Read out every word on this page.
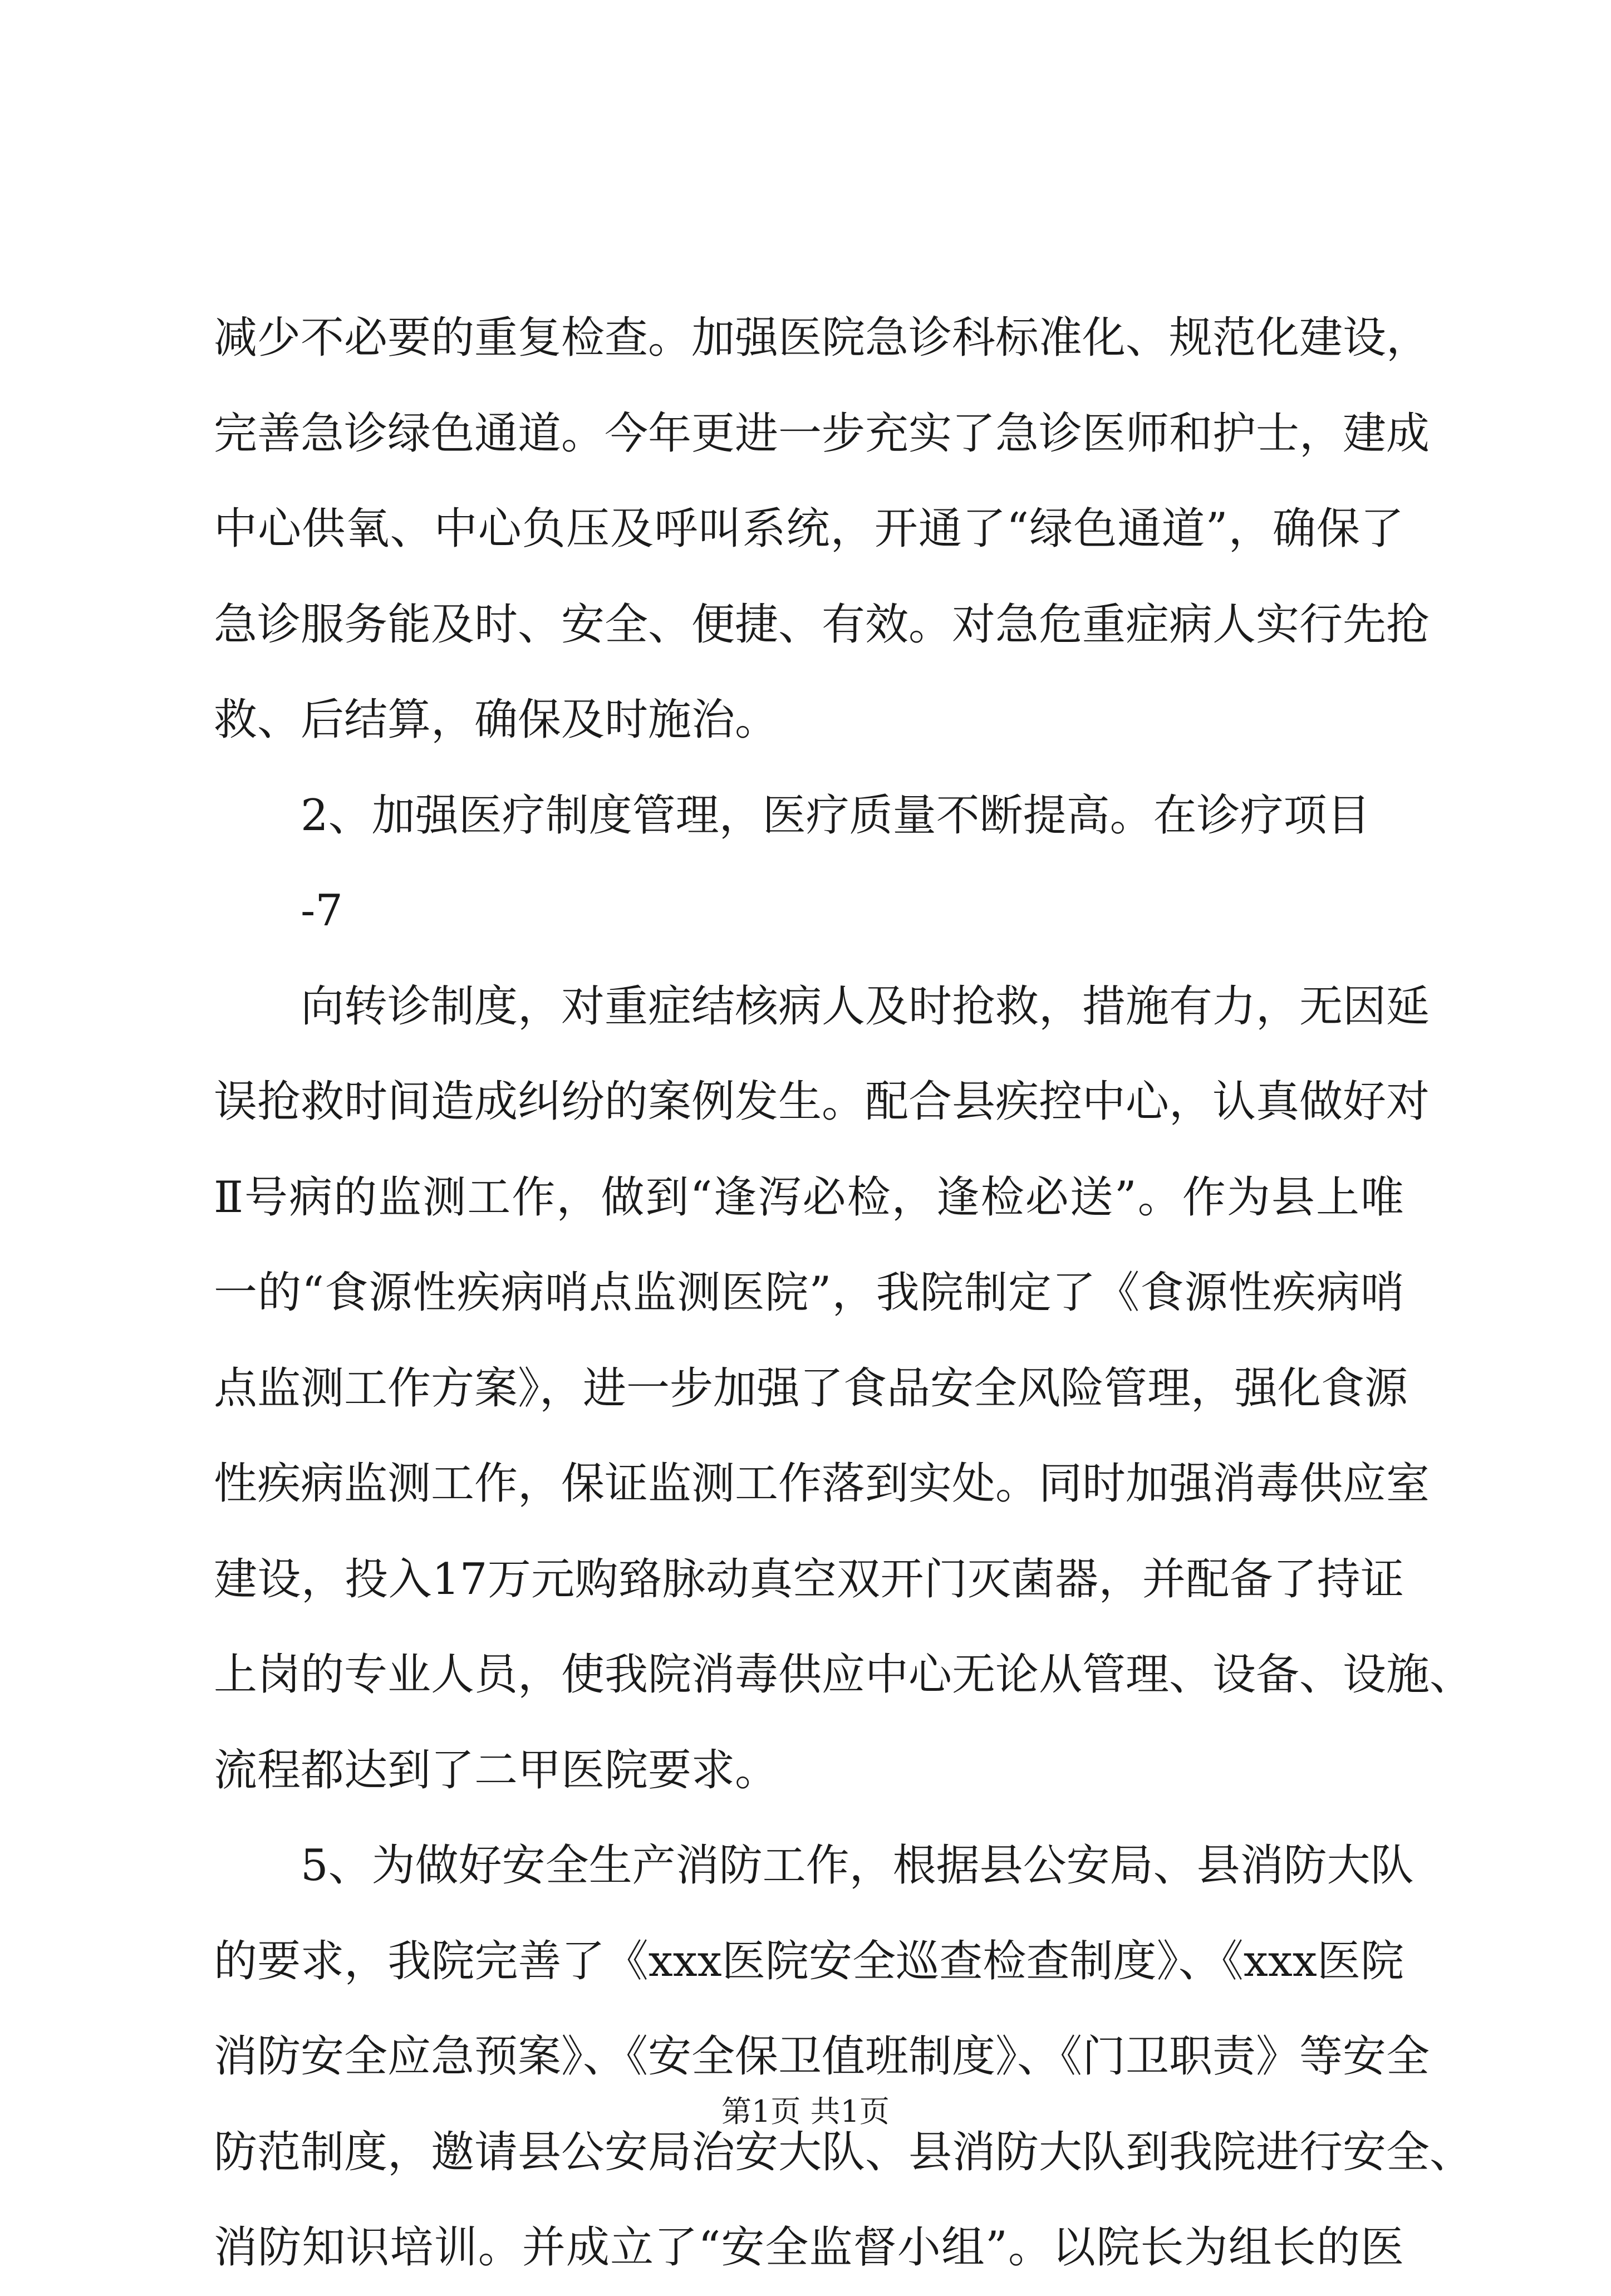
减少不必要的重复检查。加强医院急诊科标准化、规范化建设，
完善急诊绿色通道。今年更进一步充实了急诊医师和护士，建成
中心供氧、中心负压及呼叫系统，开通了“绿色通道”，确保了
急诊服务能及时、安全、便捷、有效。对急危重症病人实行先抢
救、后结算，确保及时施治。
2、加强医疗制度管理，医疗质量不断提高。在诊疗项目
-7
向转诊制度，对重症结核病人及时抢救，措施有力，无因延
误抢救时间造成纠纷的案例发生。配合县疾控中心，认真做好对
Ⅱ号病的监测工作，做到“逢泻必检，逢检必送”。作为县上唯
一的“食源性疾病哨点监测医院”，我院制定了《食源性疾病哨
点监测工作方案》，进一步加强了食品安全风险管理，强化食源
性疾病监测工作，保证监测工作落到实处。同时加强消毒供应室
建设，投入17万元购臵脉动真空双开门灭菌器，并配备了持证
上岗的专业人员，使我院消毒供应中心无论从管理、设备、设施、
流程都达到了二甲医院要求。
5、为做好安全生产消防工作，根据县公安局、县消防大队
的要求，我院完善了《xxx医院安全巡查检查制度》、《xxx医院
消防安全应急预案》、《安全保卫值班制度》、《门卫职责》等安全
防范制度，邀请县公安局治安大队、县消防大队到我院进行安全、
消防知识培训。并成立了“安全监督小组”。以院长为组长的医
第1页 共1页
